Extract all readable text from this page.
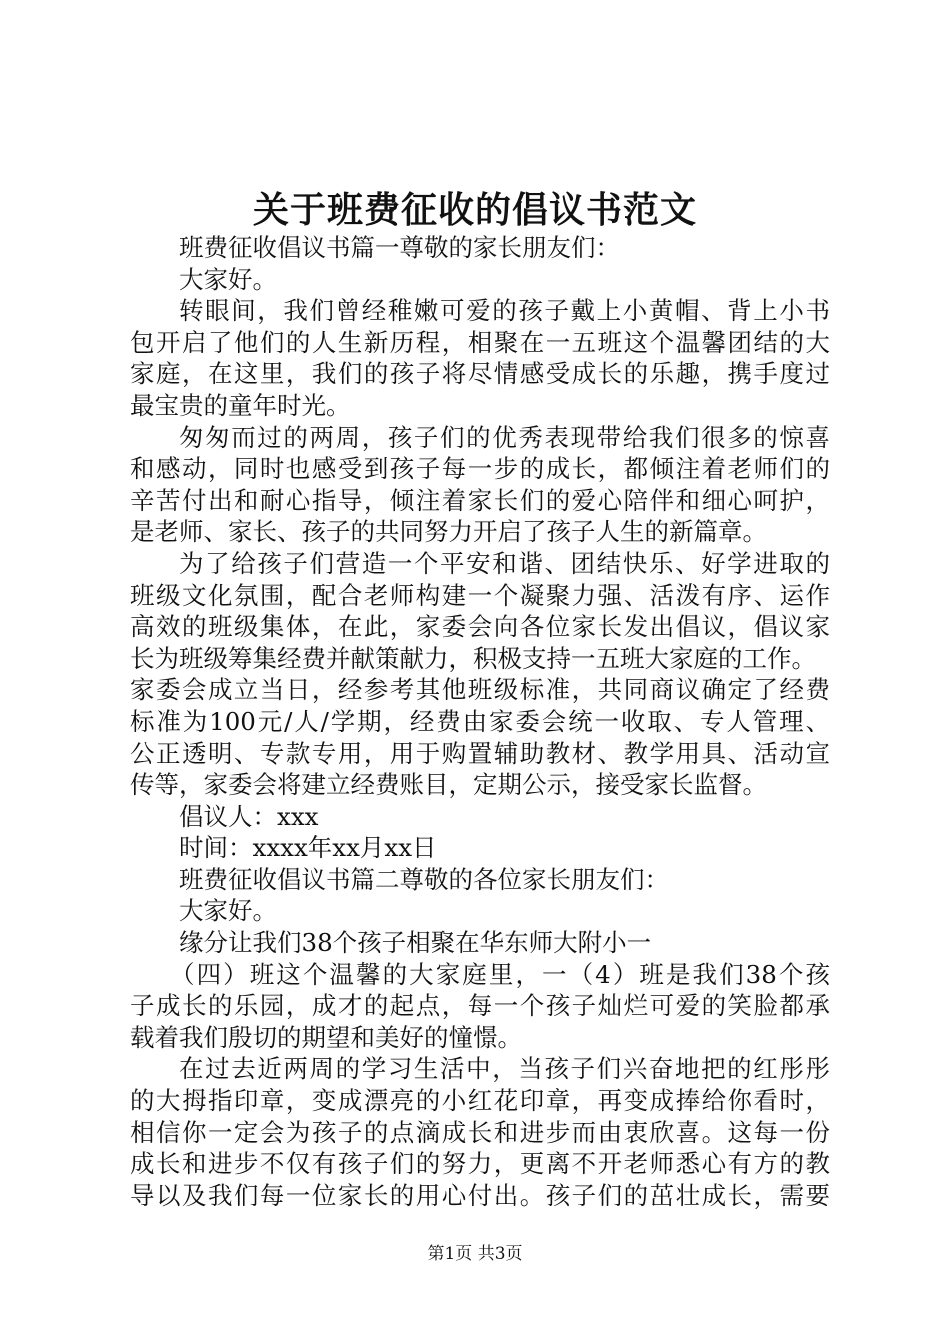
关于班费征收的倡议书范文
班费征收倡议书篇一尊敬的家长朋友们：
大家好。
转眼间，我们曾经稚嫩可爱的孩子戴上小黄帽、背上小书
包开启了他们的人生新历程，相聚在一五班这个温馨团结的大
家庭，在这里，我们的孩子将尽情感受成长的乐趣，携手度过
最宝贵的童年时光。
匆匆而过的两周，孩子们的优秀表现带给我们很多的惊喜
和感动，同时也感受到孩子每一步的成长，都倾注着老师们的
辛苦付出和耐心指导，倾注着家长们的爱心陪伴和细心呵护，
是老师、家长、孩子的共同努力开启了孩子人生的新篇章。
为了给孩子们营造一个平安和谐、团结快乐、好学进取的
班级文化氛围，配合老师构建一个凝聚力强、活泼有序、运作
高效的班级集体，在此，家委会向各位家长发出倡议，倡议家
长为班级筹集经费并献策献力，积极支持一五班大家庭的工作。
家委会成立当日，经参考其他班级标准，共同商议确定了经费
标准为100元/人/学期，经费由家委会统一收取、专人管理、
公正透明、专款专用，用于购置辅助教材、教学用具、活动宣
传等，家委会将建立经费账目，定期公示，接受家长监督。
倡议人：xxx
时间：xxxx年xx月xx日
班费征收倡议书篇二尊敬的各位家长朋友们：
大家好。
缘分让我们38个孩子相聚在华东师大附小一
（四）班这个温馨的大家庭里，一（4）班是我们38个孩
子成长的乐园，成才的起点，每一个孩子灿烂可爱的笑脸都承
载着我们殷切的期望和美好的憧憬。
在过去近两周的学习生活中，当孩子们兴奋地把的红彤彤
的大拇指印章，变成漂亮的小红花印章，再变成捧给你看时，
相信你一定会为孩子的点滴成长和进步而由衷欣喜。这每一份
成长和进步不仅有孩子们的努力，更离不开老师悉心有方的教
导以及我们每一位家长的用心付出。孩子们的茁壮成长，需要
第1页 共3页
